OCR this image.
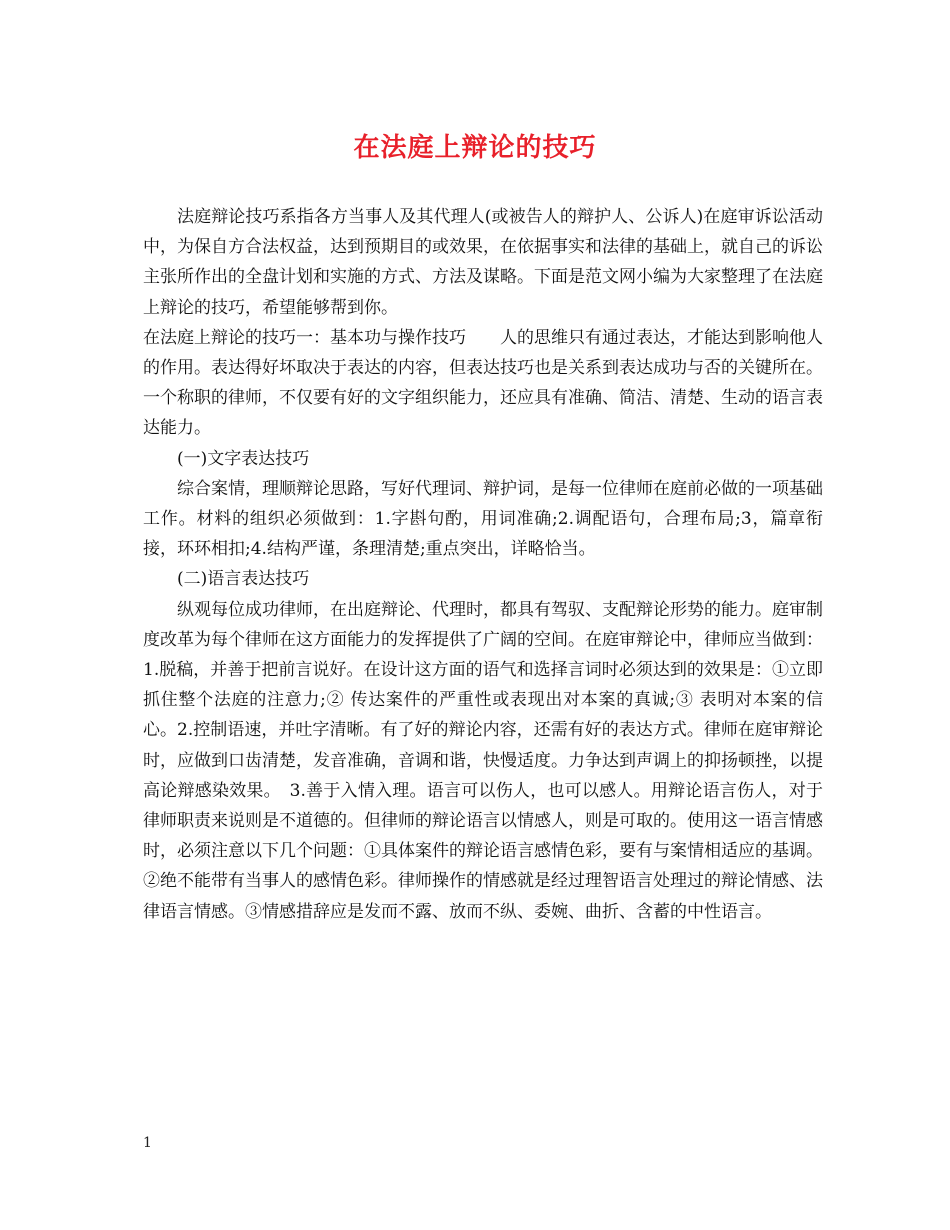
在法庭上辩论的技巧

法庭辩论技巧系指各方当事人及其代理人(或被告人的辩护人、公诉人)在庭审诉讼活动中，为保自方合法权益，达到预期目的或效果，在依据事实和法律的基础上，就自己的诉讼主张所作出的全盘计划和实施的方式、方法及谋略。下面是范文网小编为大家整理了在法庭上辩论的技巧，希望能够帮到你。

在法庭上辩论的技巧一：基本功与操作技巧　　人的思维只有通过表达，才能达到影响他人的作用。表达得好坏取决于表达的内容，但表达技巧也是关系到表达成功与否的关键所在。一个称职的律师，不仅要有好的文字组织能力，还应具有准确、简洁、清楚、生动的语言表达能力。

(一)文字表达技巧

综合案情，理顺辩论思路，写好代理词、辩护词，是每一位律师在庭前必做的一项基础工作。材料的组织必须做到：1.字斟句酌，用词准确;2.调配语句，合理布局;3，篇章衔接，环环相扣;4.结构严谨，条理清楚;重点突出，详略恰当。

(二)语言表达技巧

纵观每位成功律师，在出庭辩论、代理时，都具有驾驭、支配辩论形势的能力。庭审制度改革为每个律师在这方面能力的发挥提供了广阔的空间。在庭审辩论中，律师应当做到：1.脱稿，并善于把前言说好。在设计这方面的语气和选择言词时必须达到的效果是：①立即抓住整个法庭的注意力;② 传达案件的严重性或表现出对本案的真诚;③ 表明对本案的信心。2.控制语速，并吐字清晰。有了好的辩论内容，还需有好的表达方式。律师在庭审辩论时，应做到口齿清楚，发音准确，音调和谐，快慢适度。力争达到声调上的抑扬顿挫，以提高论辩感染效果。　3.善于入情入理。语言可以伤人，也可以感人。用辩论语言伤人，对于律师职责来说则是不道德的。但律师的辩论语言以情感人，则是可取的。使用这一语言情感时，必须注意以下几个问题：①具体案件的辩论语言感情色彩，要有与案情相适应的基调。②绝不能带有当事人的感情色彩。律师操作的情感就是经过理智语言处理过的辩论情感、法律语言情感。③情感措辞应是发而不露、放而不纵、委婉、曲折、含蓄的中性语言。

1
